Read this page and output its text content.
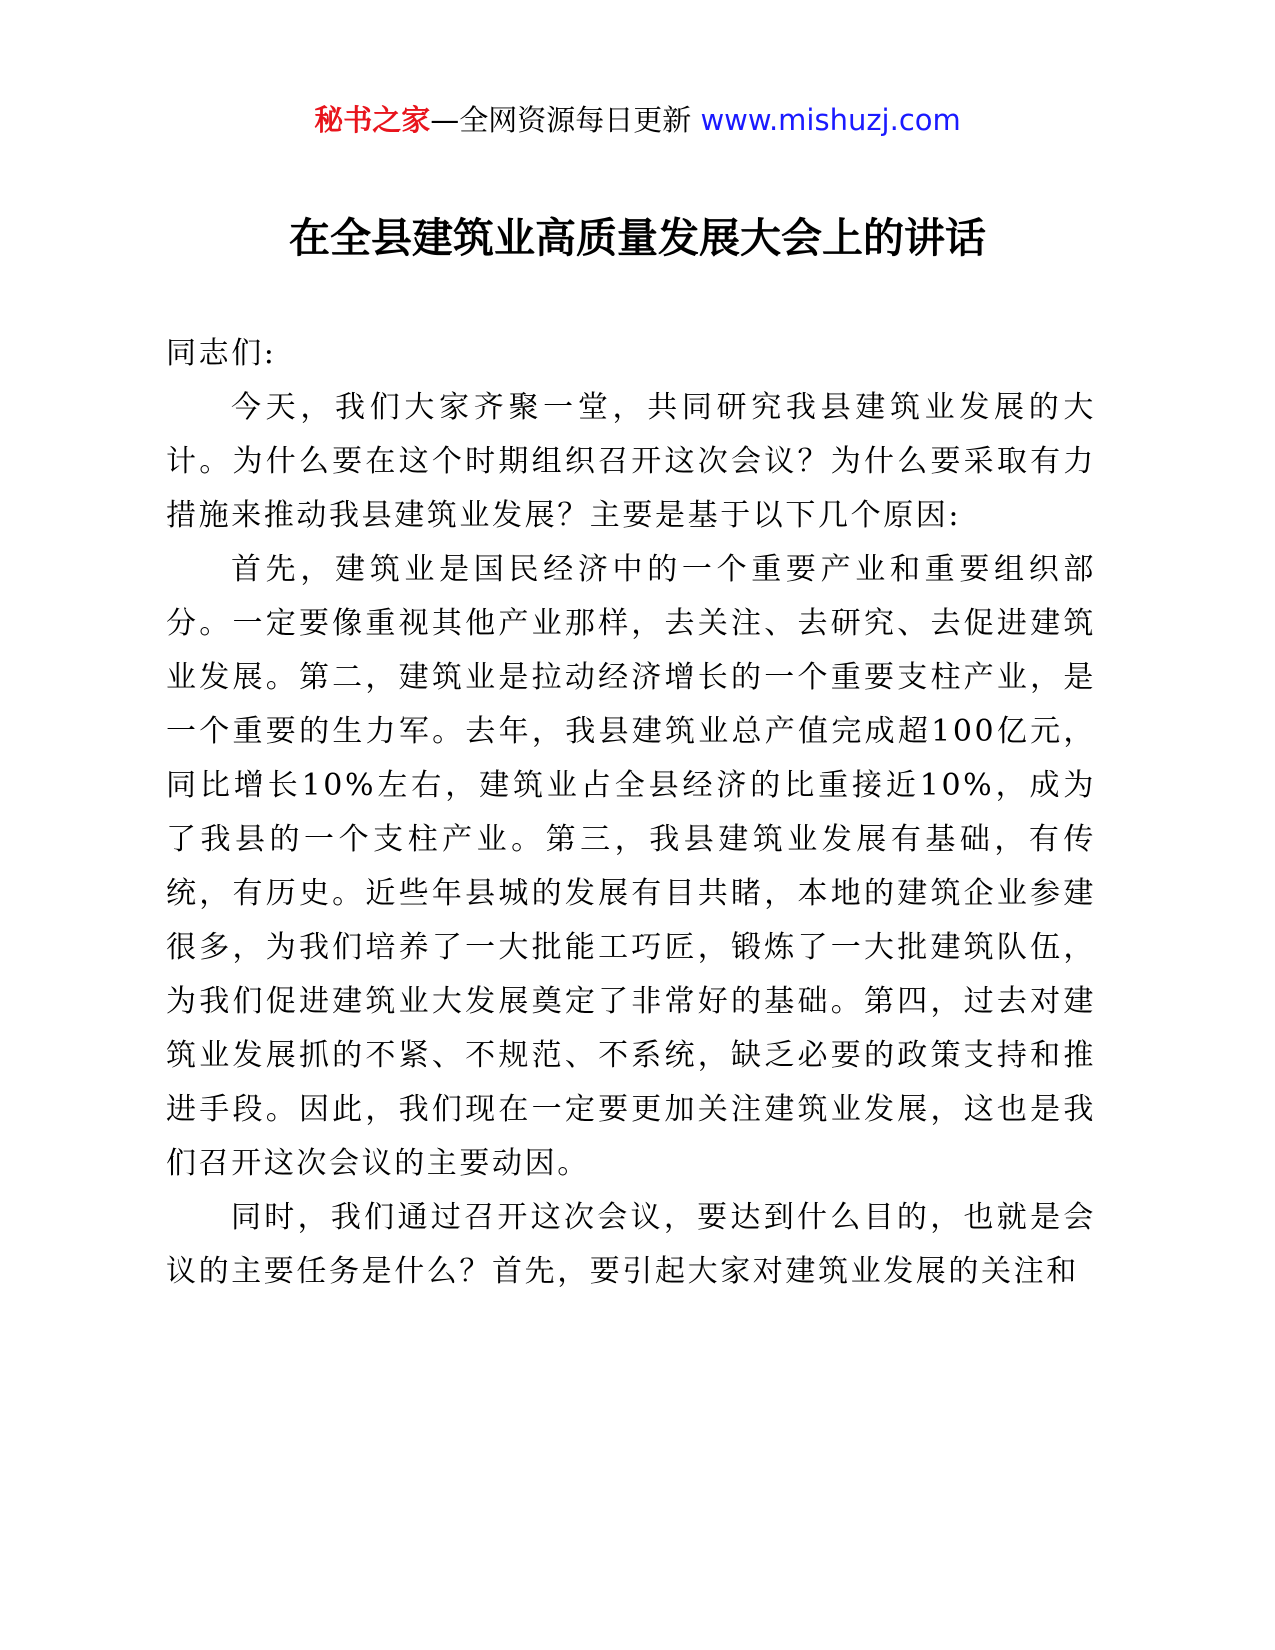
秘书之家—全网资源每日更新 www.mishuzj.com
在全县建筑业高质量发展大会上的讲话

同志们:

今天，我们大家齐聚一堂，共同研究我县建筑业发展的大计。为什么要在这个时期组织召开这次会议？为什么要采取有力措施来推动我县建筑业发展？主要是基于以下几个原因:

首先，建筑业是国民经济中的一个重要产业和重要组织部分。一定要像重视其他产业那样，去关注、去研究、去促进建筑业发展。第二，建筑业是拉动经济增长的一个重要支柱产业，是一个重要的生力军。去年，我县建筑业总产值完成超100亿元，同比增长10%左右，建筑业占全县经济的比重接近10%，成为了我县的一个支柱产业。第三，我县建筑业发展有基础，有传统，有历史。近些年县城的发展有目共睹，本地的建筑企业参建很多，为我们培养了一大批能工巧匠，锻炼了一大批建筑队伍，为我们促进建筑业大发展奠定了非常好的基础。第四，过去对建筑业发展抓的不紧、不规范、不系统，缺乏必要的政策支持和推进手段。因此，我们现在一定要更加关注建筑业发展，这也是我们召开这次会议的主要动因。

同时，我们通过召开这次会议，要达到什么目的，也就是会议的主要任务是什么？首先，要引起大家对建筑业发展的关注和
